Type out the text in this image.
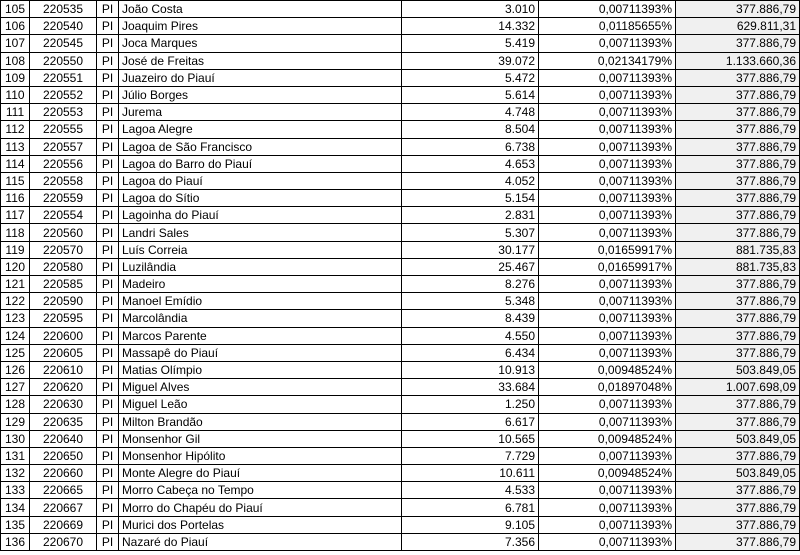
105	220535	PI	João Costa	3.010	0,00711393%	377.886,79
106	220540	PI	Joaquim Pires	14.332	0,01185655%	629.811,31
107	220545	PI	Joca Marques	5.419	0,00711393%	377.886,79
108	220550	PI	José de Freitas	39.072	0,02134179%	1.133.660,36
109	220551	PI	Juazeiro do Piauí	5.472	0,00711393%	377.886,79
110	220552	PI	Júlio Borges	5.614	0,00711393%	377.886,79
111	220553	PI	Jurema	4.748	0,00711393%	377.886,79
112	220555	PI	Lagoa Alegre	8.504	0,00711393%	377.886,79
113	220557	PI	Lagoa de São Francisco	6.738	0,00711393%	377.886,79
114	220556	PI	Lagoa do Barro do Piauí	4.653	0,00711393%	377.886,79
115	220558	PI	Lagoa do Piauí	4.052	0,00711393%	377.886,79
116	220559	PI	Lagoa do Sítio	5.154	0,00711393%	377.886,79
117	220554	PI	Lagoinha do Piauí	2.831	0,00711393%	377.886,79
118	220560	PI	Landri Sales	5.307	0,00711393%	377.886,79
119	220570	PI	Luís Correia	30.177	0,01659917%	881.735,83
120	220580	PI	Luzilândia	25.467	0,01659917%	881.735,83
121	220585	PI	Madeiro	8.276	0,00711393%	377.886,79
122	220590	PI	Manoel Emídio	5.348	0,00711393%	377.886,79
123	220595	PI	Marcolândia	8.439	0,00711393%	377.886,79
124	220600	PI	Marcos Parente	4.550	0,00711393%	377.886,79
125	220605	PI	Massapê do Piauí	6.434	0,00711393%	377.886,79
126	220610	PI	Matias Olímpio	10.913	0,00948524%	503.849,05
127	220620	PI	Miguel Alves	33.684	0,01897048%	1.007.698,09
128	220630	PI	Miguel Leão	1.250	0,00711393%	377.886,79
129	220635	PI	Milton Brandão	6.617	0,00711393%	377.886,79
130	220640	PI	Monsenhor Gil	10.565	0,00948524%	503.849,05
131	220650	PI	Monsenhor Hipólito	7.729	0,00711393%	377.886,79
132	220660	PI	Monte Alegre do Piauí	10.611	0,00948524%	503.849,05
133	220665	PI	Morro Cabeça no Tempo	4.533	0,00711393%	377.886,79
134	220667	PI	Morro do Chapéu do Piauí	6.781	0,00711393%	377.886,79
135	220669	PI	Murici dos Portelas	9.105	0,00711393%	377.886,79
136	220670	PI	Nazaré do Piauí	7.356	0,00711393%	377.886,79
